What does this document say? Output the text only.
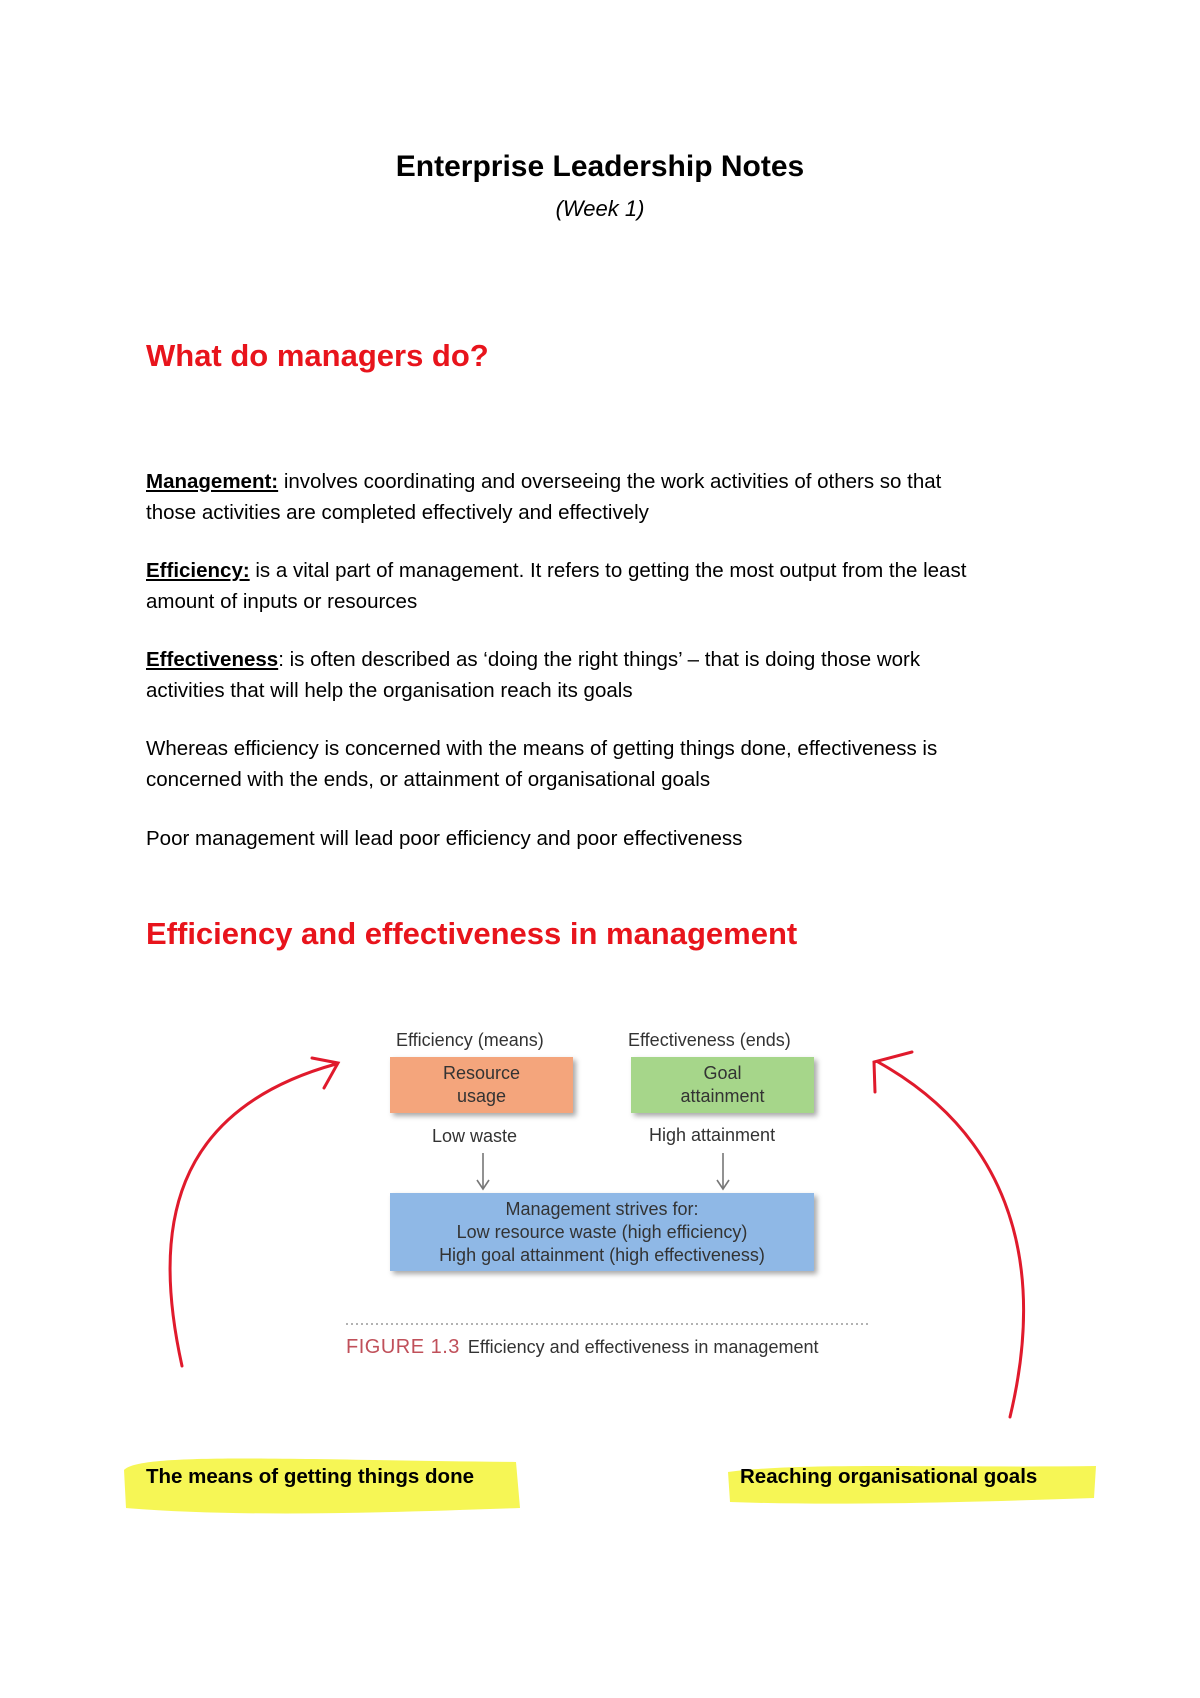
Enterprise Leadership Notes
(Week 1)
What do managers do?
Management: involves coordinating and overseeing the work activities of others so that
those activities are completed effectively and effectively
Efficiency: is a vital part of management. It refers to getting the most output from the least
amount of inputs or resources
Effectiveness: is often described as ‘doing the right things’ – that is doing those work
activities that will help the organisation reach its goals
Whereas efficiency is concerned with the means of getting things done, effectiveness is
concerned with the ends, or attainment of organisational goals
Poor management will lead poor efficiency and poor effectiveness
Efficiency and effectiveness in management
Efficiency (means)	Effectiveness (ends)
Resource
usage
Goal
attainment
Low waste	High attainment
Management strives for:
Low resource waste (high efficiency)
High goal attainment (high effectiveness)
FIGURE 1.3 Efficiency and effectiveness in management
The means of getting things done	Reaching organisational goals
